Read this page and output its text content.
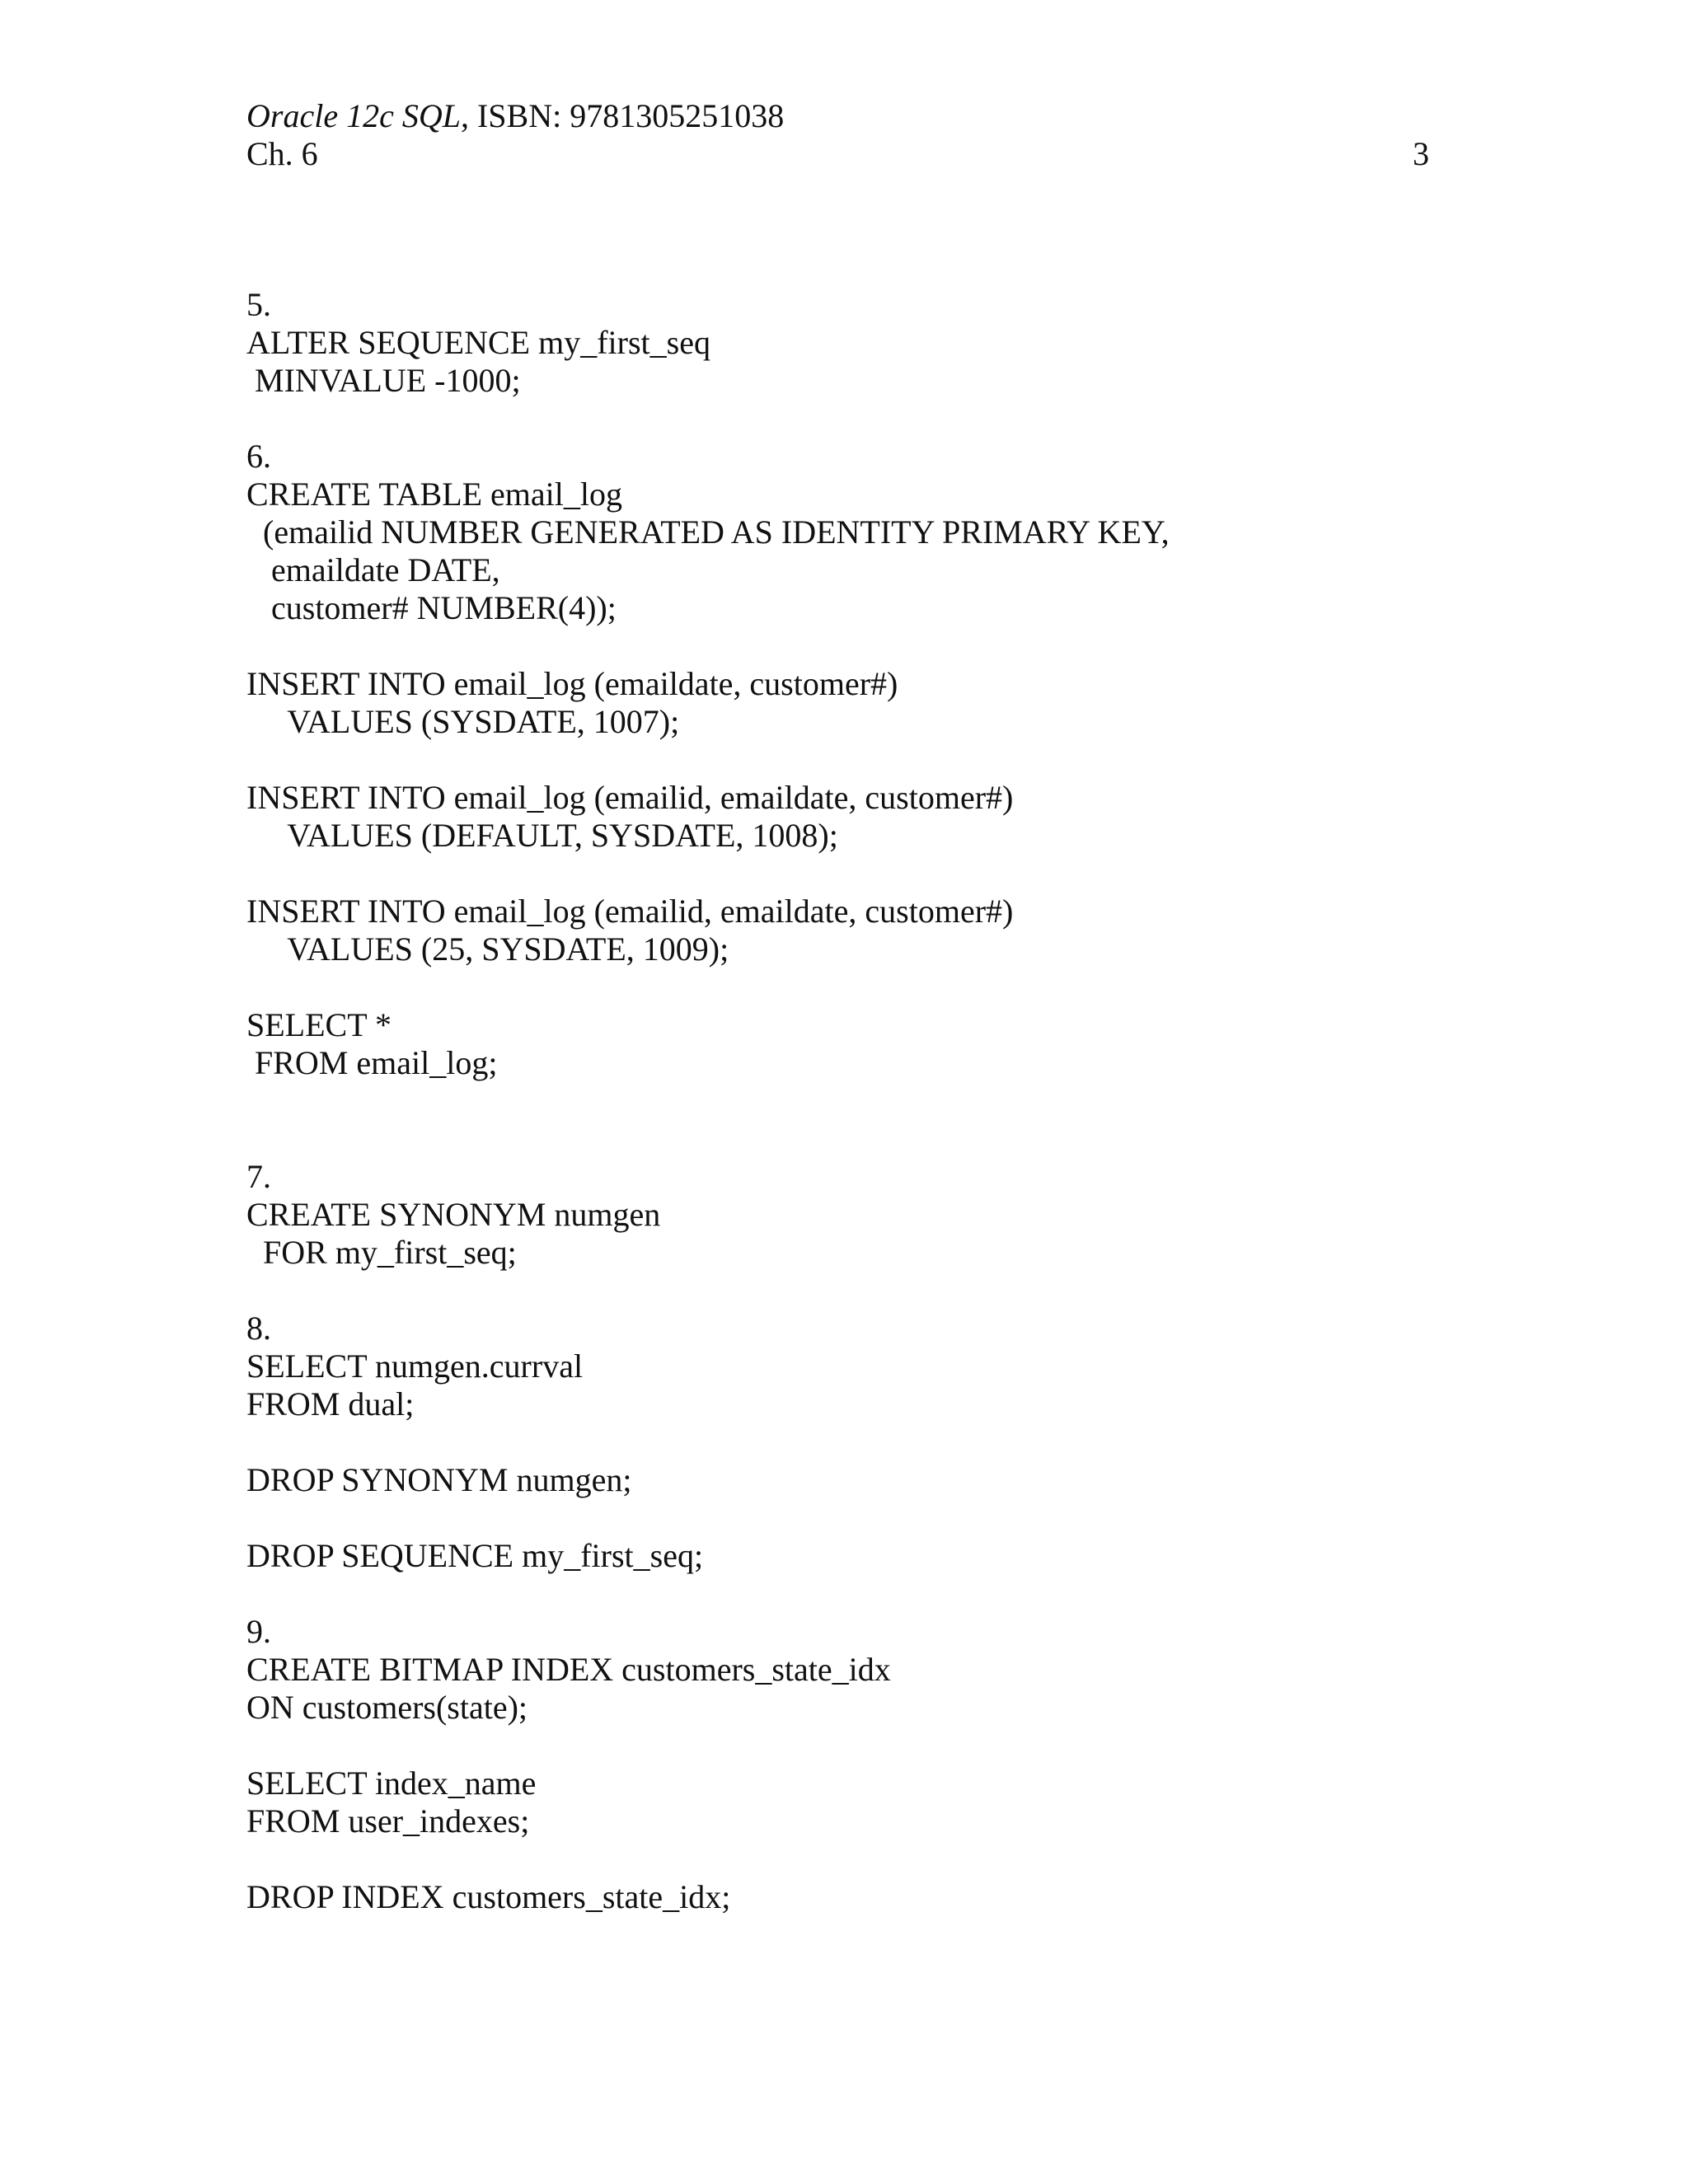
Oracle 12c SQL, ISBN: 9781305251038
Ch. 6	3

5.

ALTER SEQUENCE my_first_seq

MINVALUE -1000;

6.

CREATE TABLE email_log

(emailid NUMBER GENERATED AS IDENTITY PRIMARY KEY,

emaildate DATE,

customer# NUMBER(4));

INSERT INTO email_log (emaildate, customer#)

VALUES (SYSDATE, 1007);

INSERT INTO email_log (emailid, emaildate, customer#)

VALUES (DEFAULT, SYSDATE, 1008);

INSERT INTO email_log (emailid, emaildate, customer#)

VALUES (25, SYSDATE, 1009);

SELECT *

FROM email_log;

7.

CREATE SYNONYM numgen

FOR my_first_seq;

8.

SELECT numgen.currval

FROM dual;

DROP SYNONYM numgen;

DROP SEQUENCE my_first_seq;

9.

CREATE BITMAP INDEX customers_state_idx

ON customers(state);

SELECT index_name

FROM user_indexes;

DROP INDEX customers_state_idx;
